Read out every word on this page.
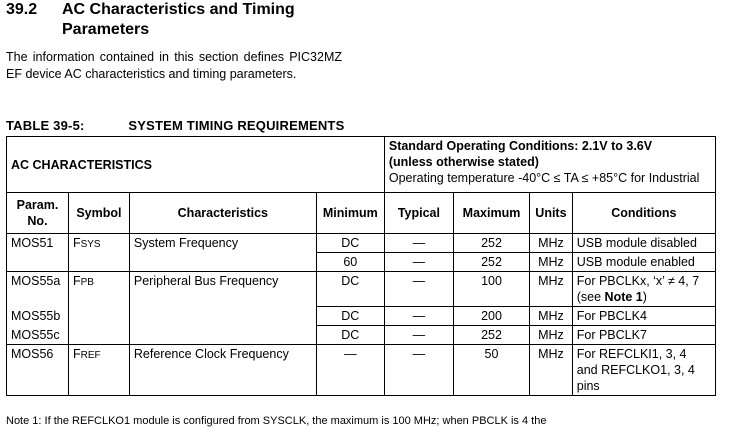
39.2 AC Characteristics and Timing Parameters
The information contained in this section defines PIC32MZ EF device AC characteristics and timing parameters.
TABLE 39-5:	SYSTEM TIMING REQUIREMENTS
AC CHARACTERISTICS				Standard Operating Conditions: 2.1V to 3.6V
(unless otherwise stated)
Operating temperature -40°C ≤ TA ≤ +85°C for Industrial			

Param. No.	Symbol	Characteristics	Minimum	Typical	Maximum	Units	Conditions
MOS51	FSYS	System Frequency	DC	—	252	MHz	USB module disabled
			60	—	252	MHz	USB module enabled
MOS55a	FPB	Peripheral Bus Frequency	DC	—	100	MHz	For PBCLKx, ‘x’ ≠ 4, 7
(see Note 1)

MOS55b			DC	—	200	MHz	For PBCLK4
MOS55c			DC	—	252	MHz	For PBCLK7
MOS56	FREF	Reference Clock Frequency	—	—	50	MHz	For REFCLKI1, 3, 4
and REFCLKO1, 3, 4
pins
Note 1: If the REFCLKO1 module is configured from SYSCLK, the maximum is 100 MHz; when PBCLK is 4 the
